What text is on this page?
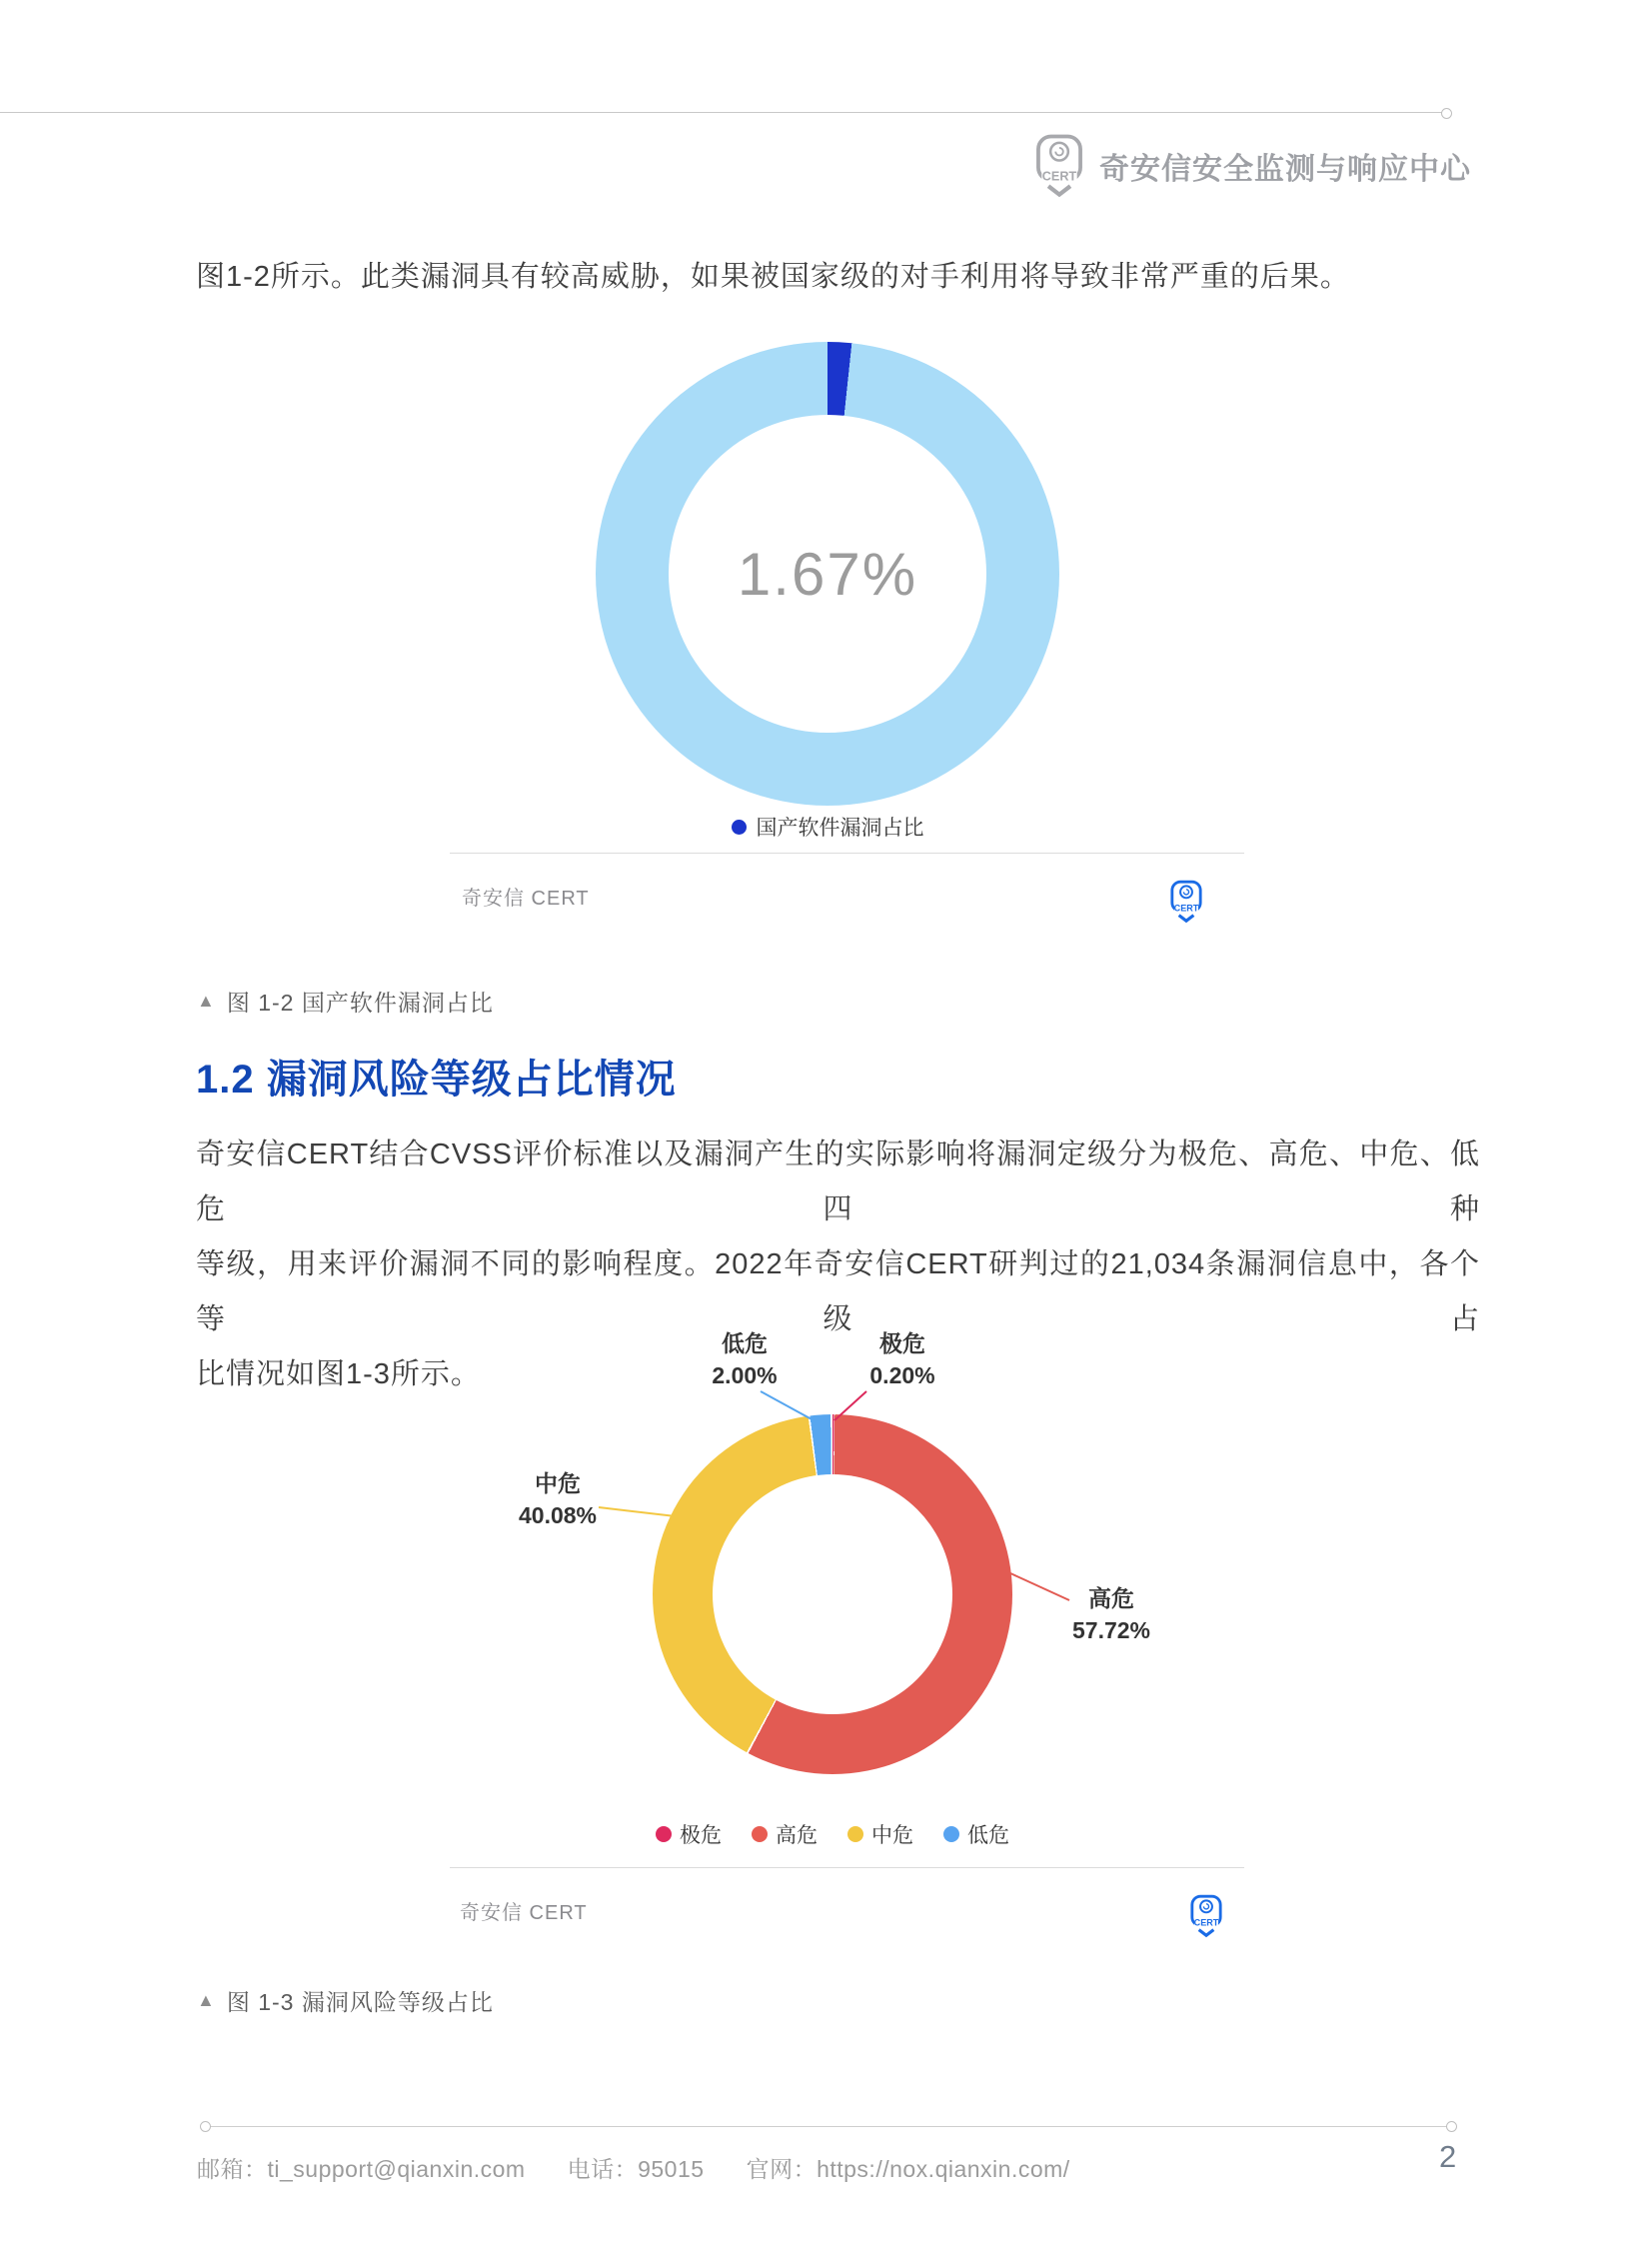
CERT 奇安信安全监测与响应中心
图1-2所示。此类漏洞具有较高威胁，如果被国家级的对手利用将导致非常严重的后果。
1.67%
国产软件漏洞占比
奇安信 CERT	CERT
▲ 图 1-2 国产软件漏洞占比
1.2 漏洞风险等级占比情况
奇安信CERT结合CVSS评价标准以及漏洞产生的实际影响将漏洞定级分为极危、高危、中危、低危四种
等级，用来评价漏洞不同的影响程度。2022年奇安信CERT研判过的21,034条漏洞信息中，各个等级占
比情况如图1-3所示。
低危
2.00%
极危
0.20%
中危
40.08%
高危
57.72%
极危	高危	中危	低危
奇安信 CERT	CERT
▲ 图 1-3 漏洞风险等级占比
邮箱：ti_support@qianxin.com 电话：95015 官网：https://nox.qianxin.com/	2
